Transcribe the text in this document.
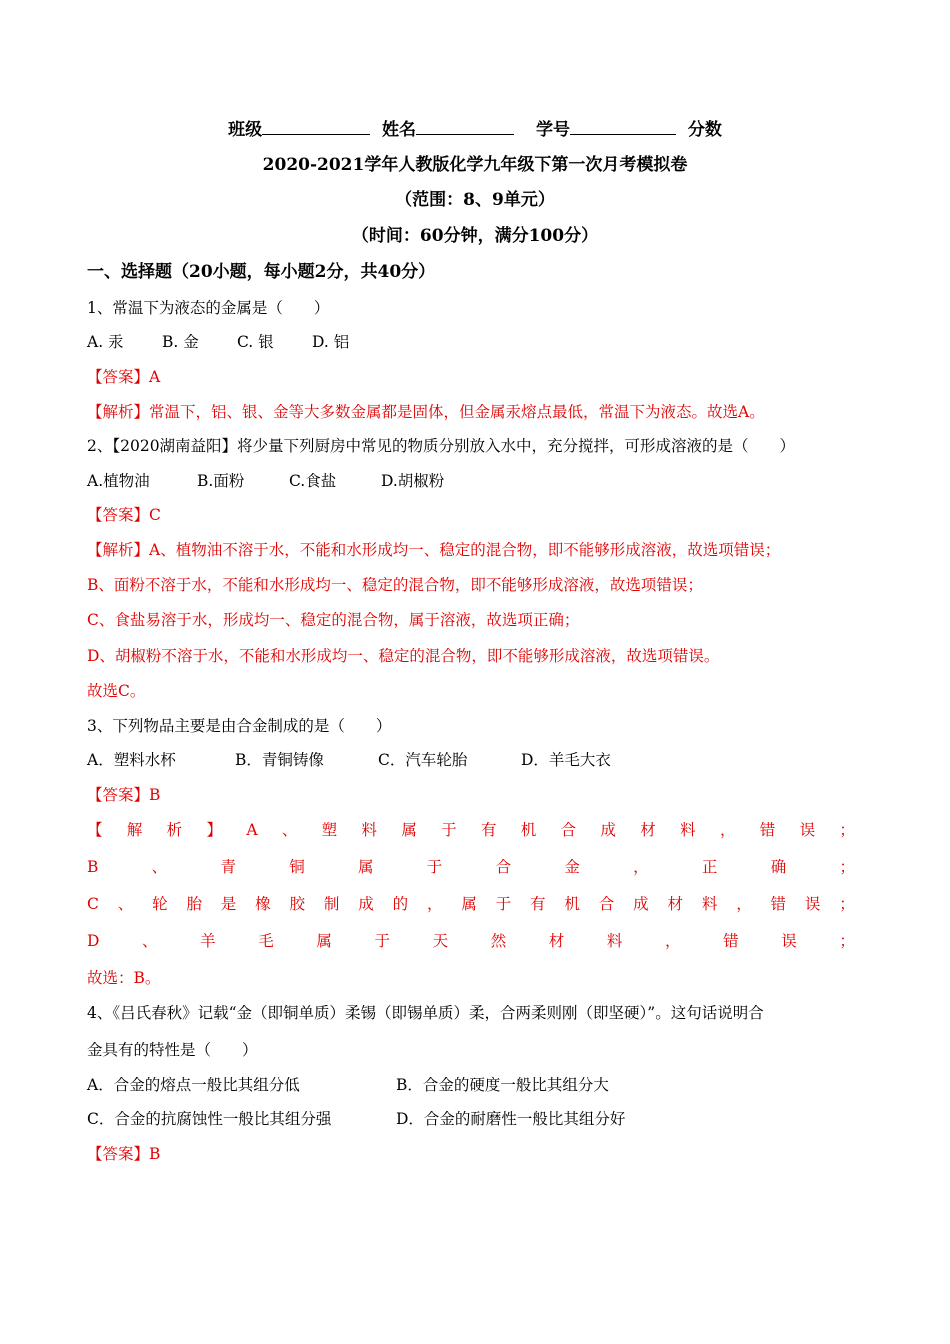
班级	姓名	学号	分数
2020-2021学年人教版化学九年级下第一次月考模拟卷
（范围：8、9单元）
（时间：60分钟，满分100分）
一、选择题（20小题，每小题2分，共40分）
1、常温下为液态的金属是（　　）
A. 汞 B. 金 C. 银 D. 铝
【答案】A
【解析】常温下，铝、银、金等大多数金属都是固体，但金属汞熔点最低，常温下为液态。故选A。
2、【2020湖南益阳】将少量下列厨房中常见的物质分别放入水中，充分搅拌，可形成溶液的是（　　）
A.植物油	B.面粉	C.食盐	D.胡椒粉
【答案】C
【解析】A、植物油不溶于水，不能和水形成均一、稳定的混合物，即不能够形成溶液，故选项错误；
B、面粉不溶于水，不能和水形成均一、稳定的混合物，即不能够形成溶液，故选项错误；
C、食盐易溶于水，形成均一、稳定的混合物，属于溶液，故选项正确；
D、胡椒粉不溶于水，不能和水形成均一、稳定的混合物，即不能够形成溶液，故选项错误。
故选C。
3、下列物品主要是由合金制成的是（　　）
A．塑料水杯	B．青铜铸像	C．汽车轮胎	D．羊毛大衣
【答案】B
【 解 析 】 A 、 塑 料 属 于 有 机 合 成 材 料 ， 错 误 ；
B	、	青	铜	属	于	合	金	，	正	确	；
C 、 轮 胎 是 橡 胶 制 成 的 ， 属 于 有 机 合 成 材 料 ， 错 误 ；
D	、	羊	毛	属	于	天	然	材	料	，	错	误	；
故选：B。
4、《吕氏春秋》记载“金（即铜单质）柔锡（即锡单质）柔，合两柔则刚（即坚硬）”。这句话说明合
金具有的特性是（　　）
A．合金的熔点一般比其组分低	B．合金的硬度一般比其组分大
C．合金的抗腐蚀性一般比其组分强	D．合金的耐磨性一般比其组分好
【答案】B
